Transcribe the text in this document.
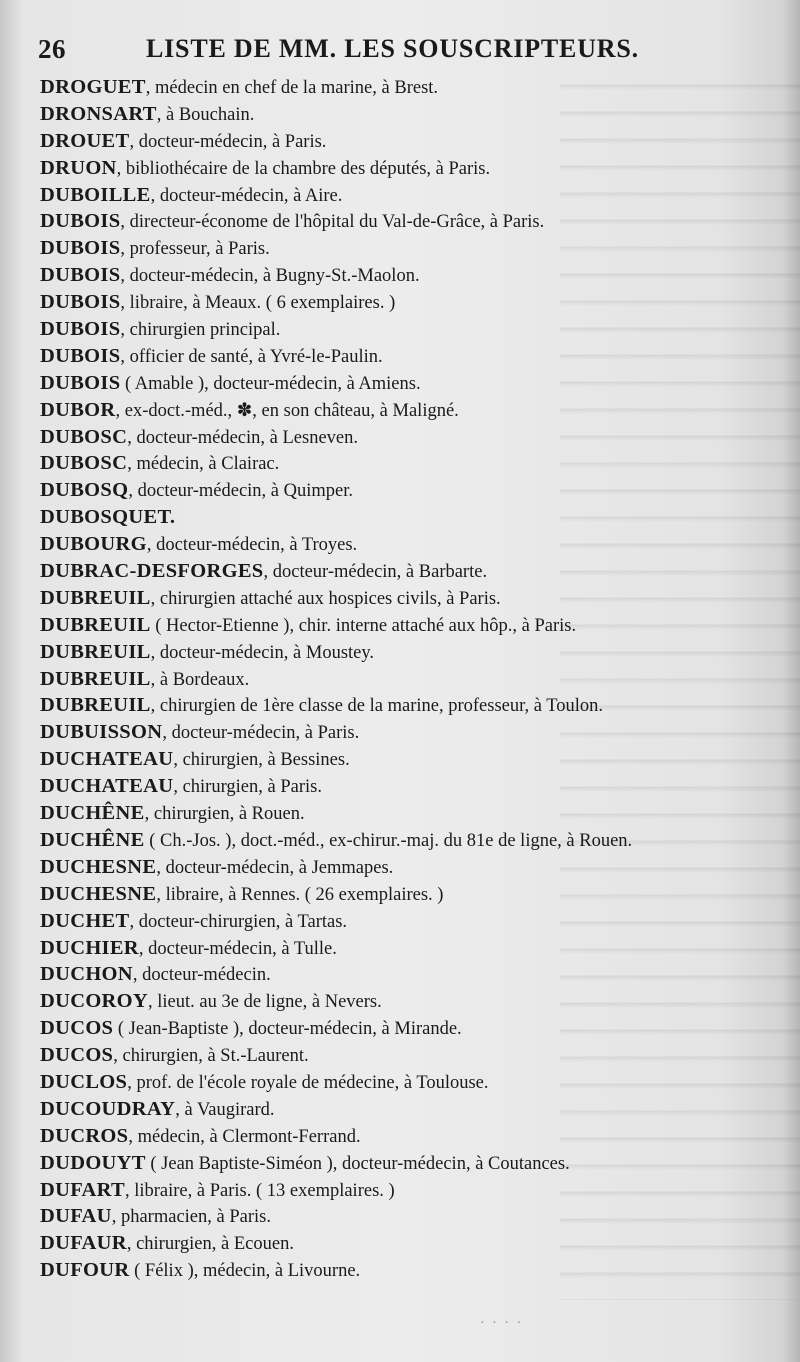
26	LISTE DE MM. LES SOUSCRIPTEURS.
DROGUET, médecin en chef de la marine, à Brest.
DRONSART, à Bouchain.
DROUET, docteur-médecin, à Paris.
DRUON, bibliothécaire de la chambre des députés, à Paris.
DUBOILLE, docteur-médecin, à Aire.
DUBOIS, directeur-économe de l'hôpital du Val-de-Grâce, à Paris.
DUBOIS, professeur, à Paris.
DUBOIS, docteur-médecin, à Bugny-St.-Maolon.
DUBOIS, libraire, à Meaux. ( 6 exemplaires. )
DUBOIS, chirurgien principal.
DUBOIS, officier de santé, à Yvré-le-Paulin.
DUBOIS ( Amable ), docteur-médecin, à Amiens.
DUBOR, ex-doct.-méd., ✽, en son château, à Maligné.
DUBOSC, docteur-médecin, à Lesneven.
DUBOSC, médecin, à Clairac.
DUBOSQ, docteur-médecin, à Quimper.
DUBOSQUET.
DUBOURG, docteur-médecin, à Troyes.
DUBRAC-DESFORGES, docteur-médecin, à Barbarte.
DUBREUIL, chirurgien attaché aux hospices civils, à Paris.
DUBREUIL ( Hector-Etienne ), chir. interne attaché aux hôp., à Paris.
DUBREUIL, docteur-médecin, à Moustey.
DUBREUIL, à Bordeaux.
DUBREUIL, chirurgien de 1ère classe de la marine, professeur, à Toulon.
DUBUISSON, docteur-médecin, à Paris.
DUCHATEAU, chirurgien, à Bessines.
DUCHATEAU, chirurgien, à Paris.
DUCHÊNE, chirurgien, à Rouen.
DUCHÊNE ( Ch.-Jos. ), doct.-méd., ex-chirur.-maj. du 81e de ligne, à Rouen.
DUCHESNE, docteur-médecin, à Jemmapes.
DUCHESNE, libraire, à Rennes. ( 26 exemplaires. )
DUCHET, docteur-chirurgien, à Tartas.
DUCHIER, docteur-médecin, à Tulle.
DUCHON, docteur-médecin.
DUCOROY, lieut. au 3e de ligne, à Nevers.
DUCOS ( Jean-Baptiste ), docteur-médecin, à Mirande.
DUCOS, chirurgien, à St.-Laurent.
DUCLOS, prof. de l'école royale de médecine, à Toulouse.
DUCOUDRAY, à Vaugirard.
DUCROS, médecin, à Clermont-Ferrand.
DUDOUYT ( Jean Baptiste-Siméon ), docteur-médecin, à Coutances.
DUFART, libraire, à Paris. ( 13 exemplaires. )
DUFAU, pharmacien, à Paris.
DUFAUR, chirurgien, à Ecouen.
DUFOUR ( Félix ), médecin, à Livourne.
· · · ·
